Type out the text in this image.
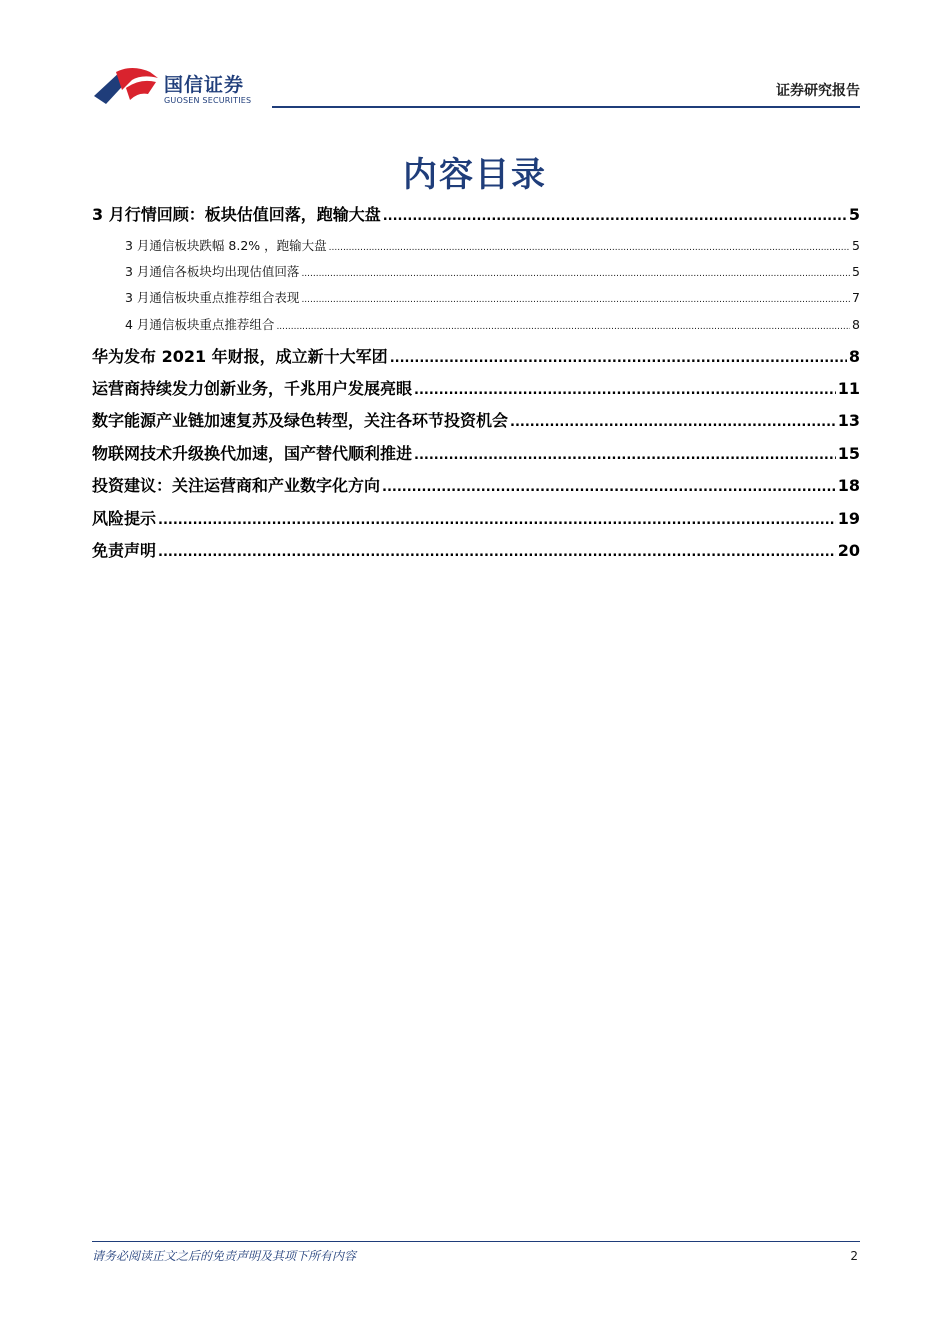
国信证券
GUOSEN SECURITIES
证券研究报告
内容目录
3 月行情回顾：板块估值回落，跑输大盘 .....	5
3 月通信板块跌幅 8.2% ，跑输大盘 .....	5
3 月通信各板块均出现估值回落 .....	5
3 月通信板块重点推荐组合表现 .....	7
4 月通信板块重点推荐组合 .....	8
华为发布 2021 年财报，成立新十大军团 .....	8
运营商持续发力创新业务，千兆用户发展亮眼 .....	11
数字能源产业链加速复苏及绿色转型，关注各环节投资机会 .....	13
物联网技术升级换代加速，国产替代顺利推进 .....	15
投资建议：关注运营商和产业数字化方向 .....	18
风险提示 .....	19
免责声明 .....	20
请务必阅读正文之后的免责声明及其项下所有内容	2
